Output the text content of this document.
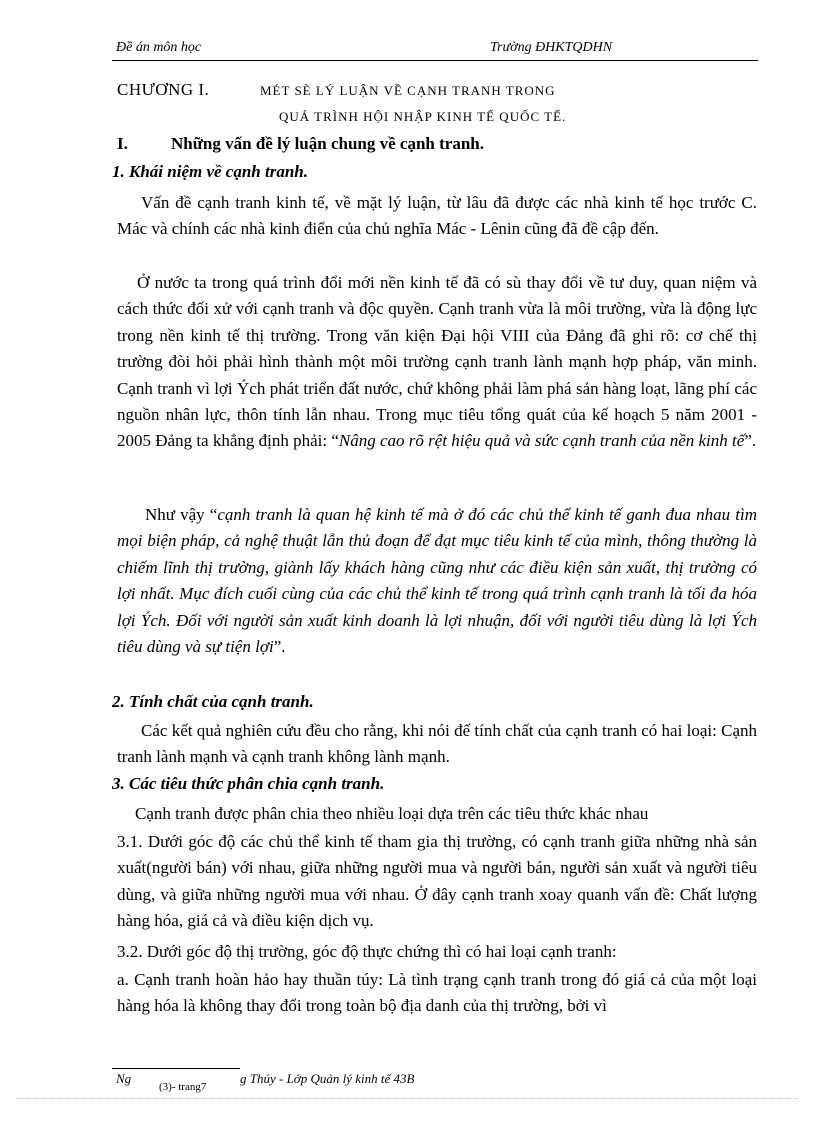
Đề án môn học	Trường ĐHKTQDHN
CHƯƠNG I.	MÉT SÈ LÝ LUẬN VỀ CẠNH TRANH TRONG
QUÁ TRÌNH HỘI NHẬP KINH TẾ QUỐC TẾ.
I.	Những vấn đề lý luận chung về cạnh tranh.
1. Khái niệm về cạnh tranh.

Vấn đề cạnh tranh kinh tế, về mặt lý luận, từ lâu đã được các nhà kinh tế học trước C. Mác và chính các nhà kinh điển của chủ nghĩa Mác - Lênin cũng đã đề cập đến.

Ở nước ta trong quá trình đổi mới nền kinh tế đã có sù thay đổi về tư duy, quan niệm và cách thức đối xử với cạnh tranh và độc quyền. Cạnh tranh vừa là môi trường, vừa là động lực trong nền kinh tế thị trường. Trong văn kiện Đại hội VIII của Đảng đã ghi rõ: cơ chế thị trường đòi hỏi phải hình thành một môi trường cạnh tranh lành mạnh hợp pháp, văn minh. Cạnh tranh vì lợi Ých phát triển đất nước, chứ không phải làm phá sản hàng loạt, lãng phí các nguồn nhân lực, thôn tính lẫn nhau. Trong mục tiêu tổng quát của kế hoạch 5 năm 2001 - 2005 Đảng ta khẳng định phải: “Nâng cao rõ rệt hiệu quả và sức cạnh tranh của nền kinh tế”.

Như vậy “cạnh tranh là quan hệ kinh tế mà ở đó các chủ thể kinh tế ganh đua nhau tìm mọi biện pháp, cả nghệ thuật lẫn thủ đoạn để đạt mục tiêu kinh tế của mình, thông thường là chiếm lĩnh thị trường, giành lấy khách hàng cũng như các điều kiện sản xuất, thị trường có lợi nhất. Mục đích cuối cùng của các chủ thể kinh tế trong quá trình cạnh tranh là tối đa hóa lợi Ých. Đối với người sản xuất kinh doanh là lợi nhuận, đối với người tiêu dùng là lợi Ých tiêu dùng và sự tiện lợi”.

2. Tính chất của cạnh tranh.

Các kết quả nghiên cứu đều cho rằng, khi nói đế tính chất của cạnh tranh có hai loại: Cạnh tranh lành mạnh và cạnh tranh không lành mạnh.

3. Các tiêu thức phân chia cạnh tranh.

Cạnh tranh được phân chia theo nhiều loại dựa trên các tiêu thức khác nhau

3.1. Dưới góc độ các chủ thể kinh tế tham gia thị trường, có cạnh tranh giữa những nhà sản xuất(người bán) với nhau, giữa những người mua và người bán, người sản xuất và người tiêu dùng, và giữa những người mua với nhau. Ở đây cạnh tranh xoay quanh vấn đề: Chất lượng hàng hóa, giá cả và điều kiện dịch vụ.

3.2. Dưới góc độ thị trường, góc độ thực chứng thì có hai loại cạnh tranh:

a. Cạnh tranh hoàn hảo hay thuần túy: Là tình trạng cạnh tranh trong đó giá cả của một loại hàng hóa là không thay đổi trong toàn bộ địa danh của thị trường, bởi vì

Ng
(3)- trang7
g Thúy - Lớp Quản lý kinh tế 43B
